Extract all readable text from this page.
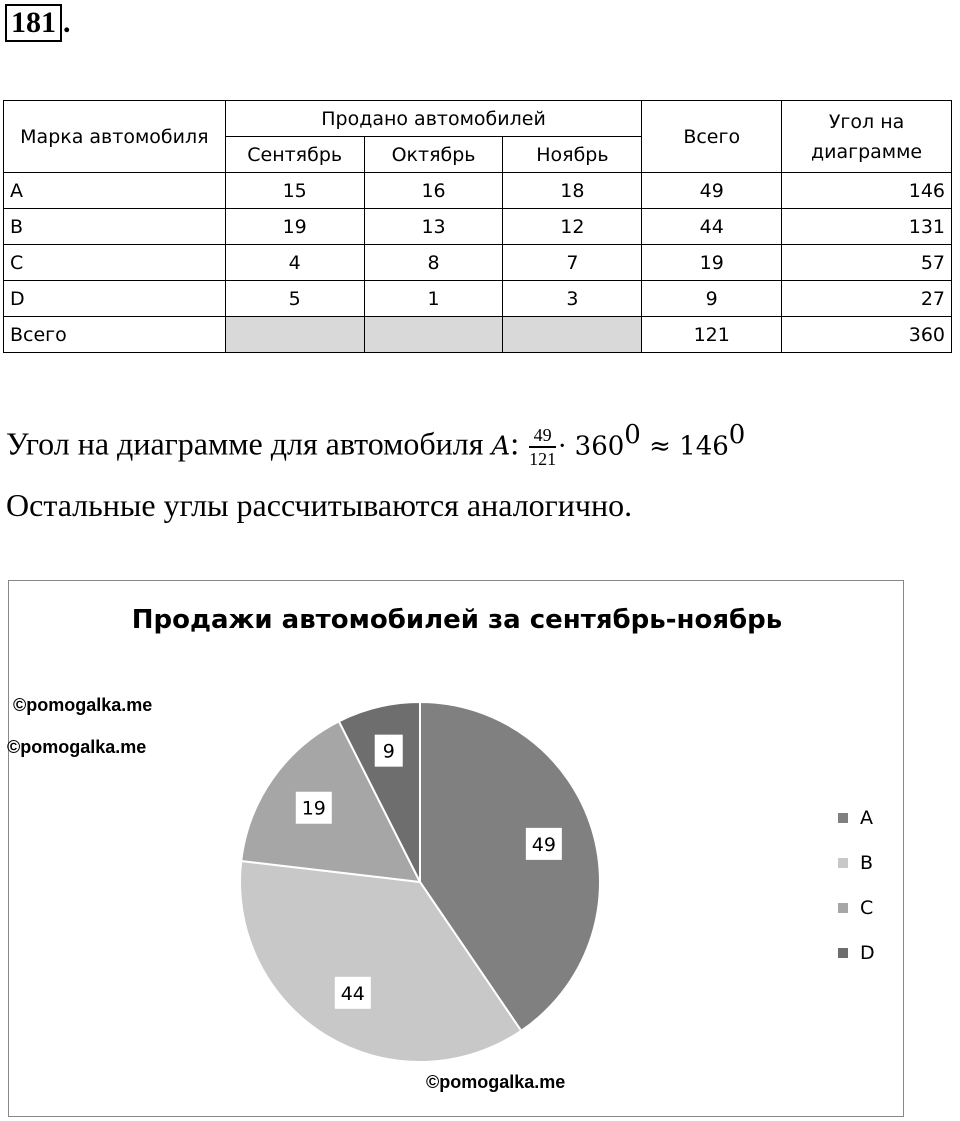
181 .
Марка автомобиля	Продано автомобилей			Всего	Угол на диаграмме
	Сентябрь	Октябрь	Ноябрь		
A	15	16	18	49	146
B	19	13	12	44	131
C	4	8	7	19	57
D	5	1	3	9	27
Всего				121	360
Угол на диаграмме для автомобиля A: $\frac{49}{121} \cdot 360^0 \approx 146^0$
Остальные углы рассчитываются аналогично.
Продажи автомобилей за сентябрь-ноябрь
©pomogalka.me
©pomogalka.me
©pomogalka.me
49
44
19
9
A
B
C
D
